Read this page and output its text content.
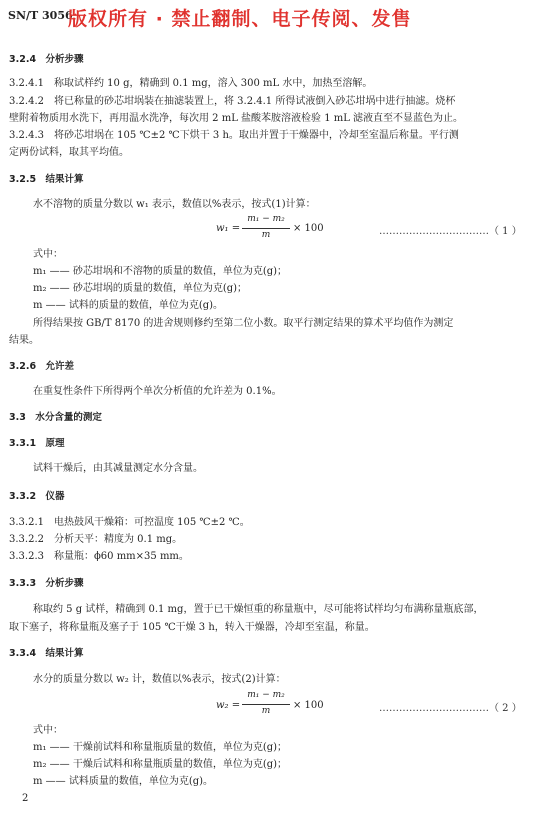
SN/T 3056
版权所有 · 禁止翻制、电子传阅、发售
3.2.4　分析步骤
3.2.4.1　称取试样约 10 g，精确到 0.1 mg，溶入 300 mL 水中，加热至溶解。
3.2.4.2　将已称量的砂芯坩埚装在抽滤装置上，将 3.2.4.1 所得试液倒入砂芯坩埚中进行抽滤。烧杯
壁附着物质用水洗下，再用温水洗净，每次用 2 mL 盐酸苯胺溶液检验 1 mL 滤液直至不显蓝色为止。
3.2.4.3　将砂芯坩埚在 105 ℃±2 ℃下烘干 3 h。取出并置于干燥器中，冷却至室温后称量。平行测
定两份试料，取其平均值。
3.2.5　结果计算
水不溶物的质量分数以 w₁ 表示，数值以%表示，按式(1)计算：
w₁ =
m₁ − m₂
m
× 100	……………………………（ 1 ）
式中：
m₁ —— 砂芯坩埚和不溶物的质量的数值，单位为克(g)；
m₂ —— 砂芯坩埚的质量的数值，单位为克(g)；
m —— 试料的质量的数值，单位为克(g)。
所得结果按 GB/T 8170 的进舍规则修约至第二位小数。取平行测定结果的算术平均值作为测定
结果。
3.2.6　允许差
在重复性条件下所得两个单次分析值的允许差为 0.1%。
3.3　水分含量的测定
3.3.1　原理
试料干燥后，由其减量测定水分含量。
3.3.2　仪器
3.3.2.1　电热鼓风干燥箱：可控温度 105 ℃±2 ℃。
3.3.2.2　分析天平：精度为 0.1 mg。
3.3.2.3　称量瓶：ϕ60 mm×35 mm。
3.3.3　分析步骤
称取约 5 g 试样，精确到 0.1 mg，置于已干燥恒重的称量瓶中，尽可能将试样均匀布满称量瓶底部，
取下塞子，将称量瓶及塞子于 105 ℃干燥 3 h，转入干燥器，冷却至室温，称量。
3.3.4　结果计算
水分的质量分数以 w₂ 计，数值以%表示，按式(2)计算：
w₂ =
m₁ − m₂
m	× 100	……………………………（ 2 ）
式中：
m₁ —— 干燥前试料和称量瓶质量的数值，单位为克(g)；
m₂ —— 干燥后试料和称量瓶质量的数值，单位为克(g)；
m —— 试料质量的数值，单位为克(g)。
2
